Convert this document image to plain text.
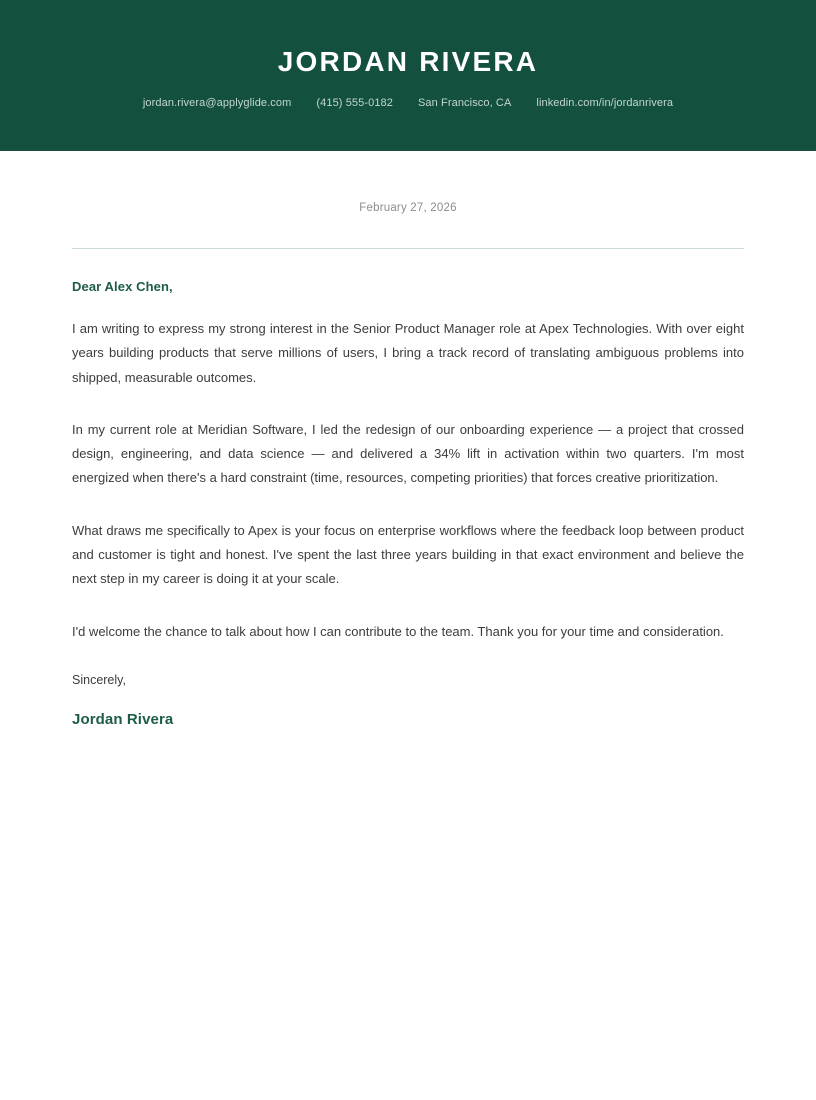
JORDAN RIVERA
jordan.rivera@applyglide.com (415) 555-0182 San Francisco, CA linkedin.com/in/jordanrivera
February 27, 2026
Dear Alex Chen,

I am writing to express my strong interest in the Senior Product Manager role at Apex Technologies. With over eight years building products that serve millions of users, I bring a track record of translating ambiguous problems into shipped, measurable outcomes.

In my current role at Meridian Software, I led the redesign of our onboarding experience — a project that crossed design, engineering, and data science — and delivered a 34% lift in activation within two quarters. I'm most energized when there's a hard constraint (time, resources, competing priorities) that forces creative prioritization.

What draws me specifically to Apex is your focus on enterprise workflows where the feedback loop between product and customer is tight and honest. I've spent the last three years building in that exact environment and believe the next step in my career is doing it at your scale.

I'd welcome the chance to talk about how I can contribute to the team. Thank you for your time and consideration.

Sincerely,
Jordan Rivera
